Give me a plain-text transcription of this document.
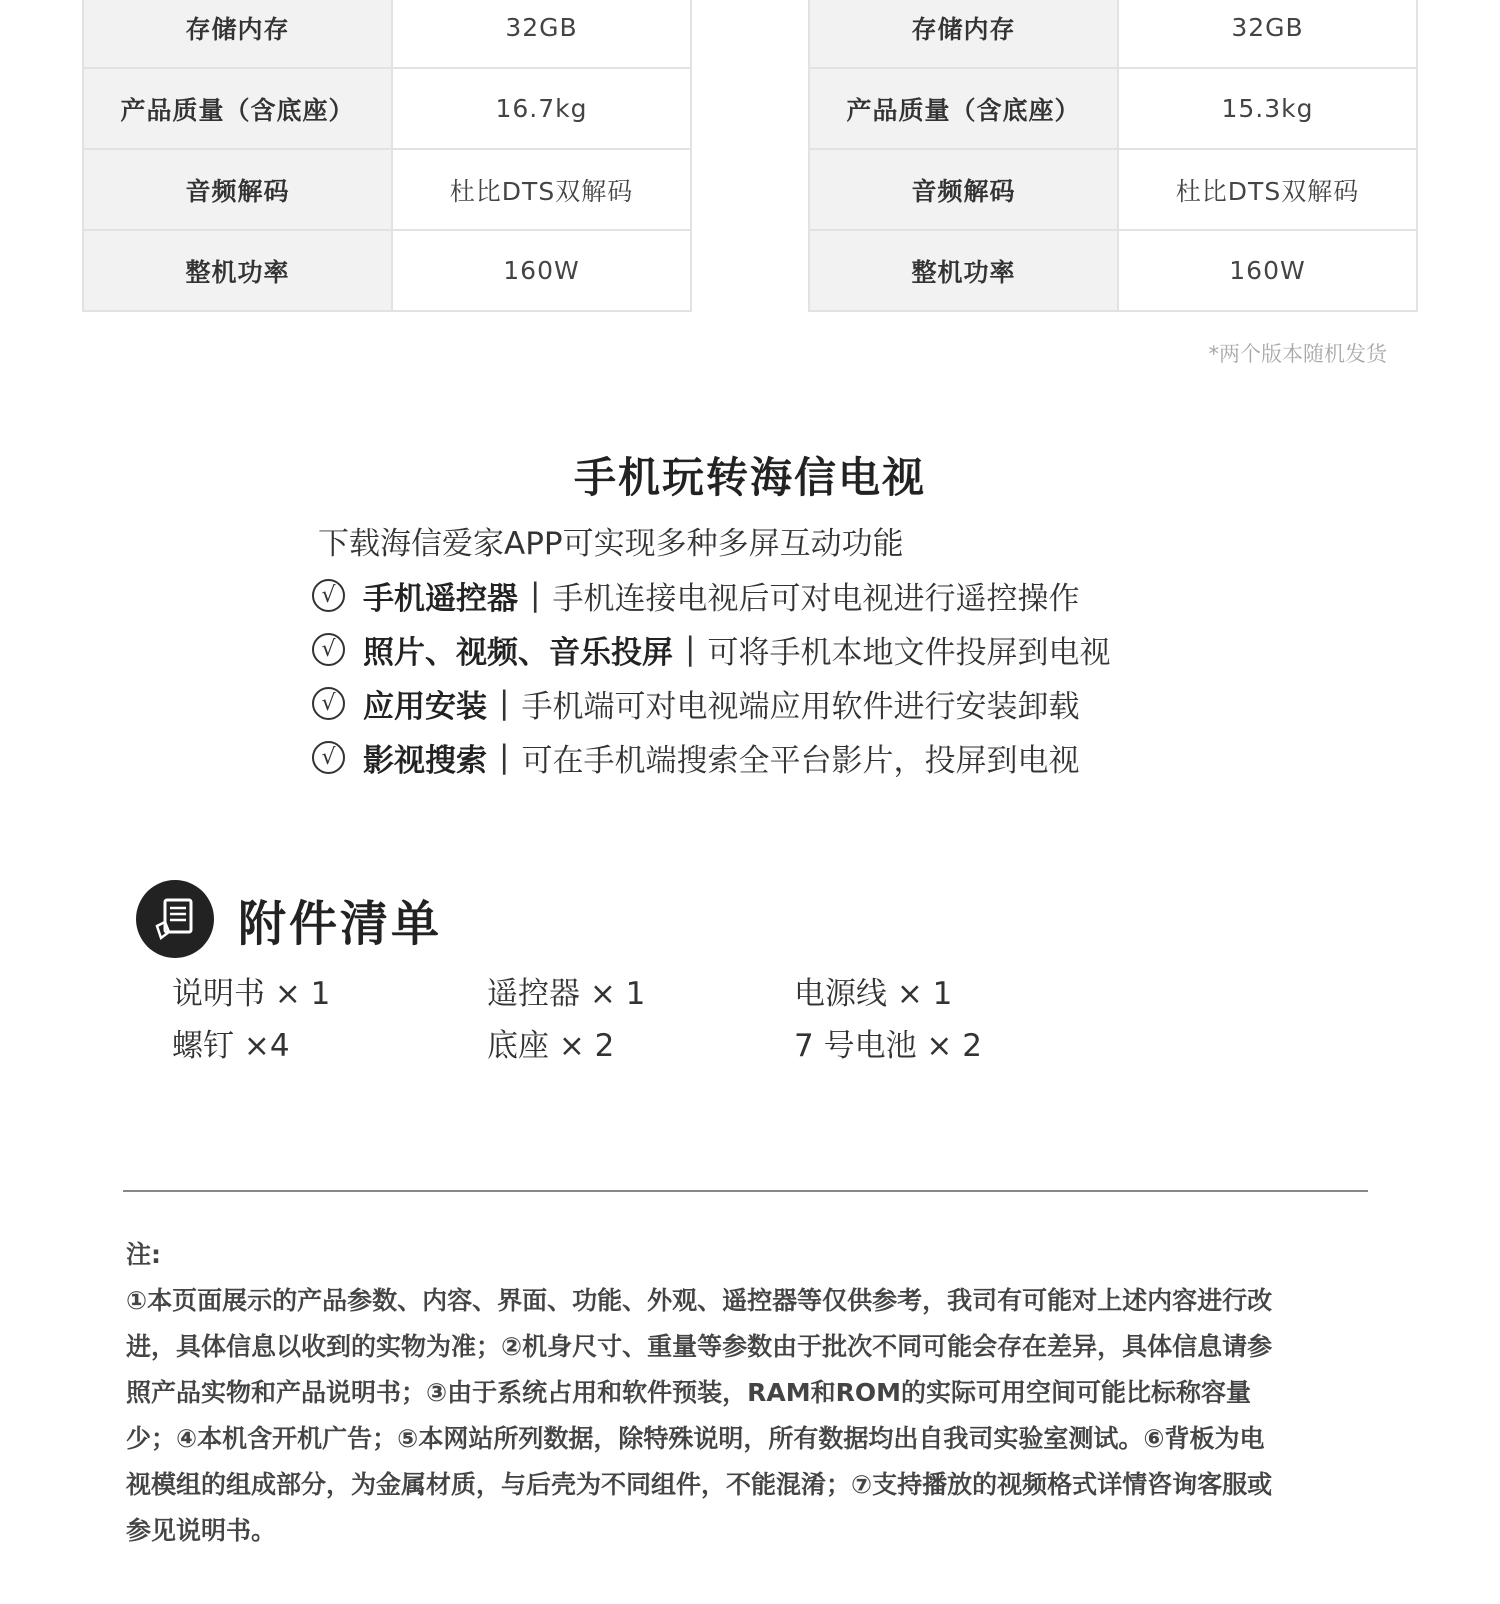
存储内存	32GB
产品质量（含底座）	16.7kg
音频解码	杜比DTS双解码
整机功率	160W
存储内存	32GB
产品质量（含底座）	15.3kg
音频解码	杜比DTS双解码
整机功率	160W
*两个版本随机发货
手机玩转海信电视
下载海信爱家APP可实现多种多屏互动功能
√ 手机遥控器 | 手机连接电视后可对电视进行遥控操作
√ 照片、视频、音乐投屏 | 可将手机本地文件投屏到电视
√ 应用安装 | 手机端可对电视端应用软件进行安装卸载
√ 影视搜索 | 可在手机端搜索全平台影片，投屏到电视
附件清单
说明书 × 1	遥控器 × 1	电源线 × 1
螺钉 ×4	底座 × 2	7 号电池 × 2
注:
①本页面展示的产品参数、内容、界面、功能、外观、遥控器等仅供参考，我司有可能对上述内容进行改
进，具体信息以收到的实物为准；②机身尺寸、重量等参数由于批次不同可能会存在差异，具体信息请参
照产品实物和产品说明书；③由于系统占用和软件预装，RAM和ROM的实际可用空间可能比标称容量
少；④本机含开机广告；⑤本网站所列数据，除特殊说明，所有数据均出自我司实验室测试。⑥背板为电
视模组的组成部分，为金属材质，与后壳为不同组件，不能混淆；⑦支持播放的视频格式详情咨询客服或
参见说明书。
